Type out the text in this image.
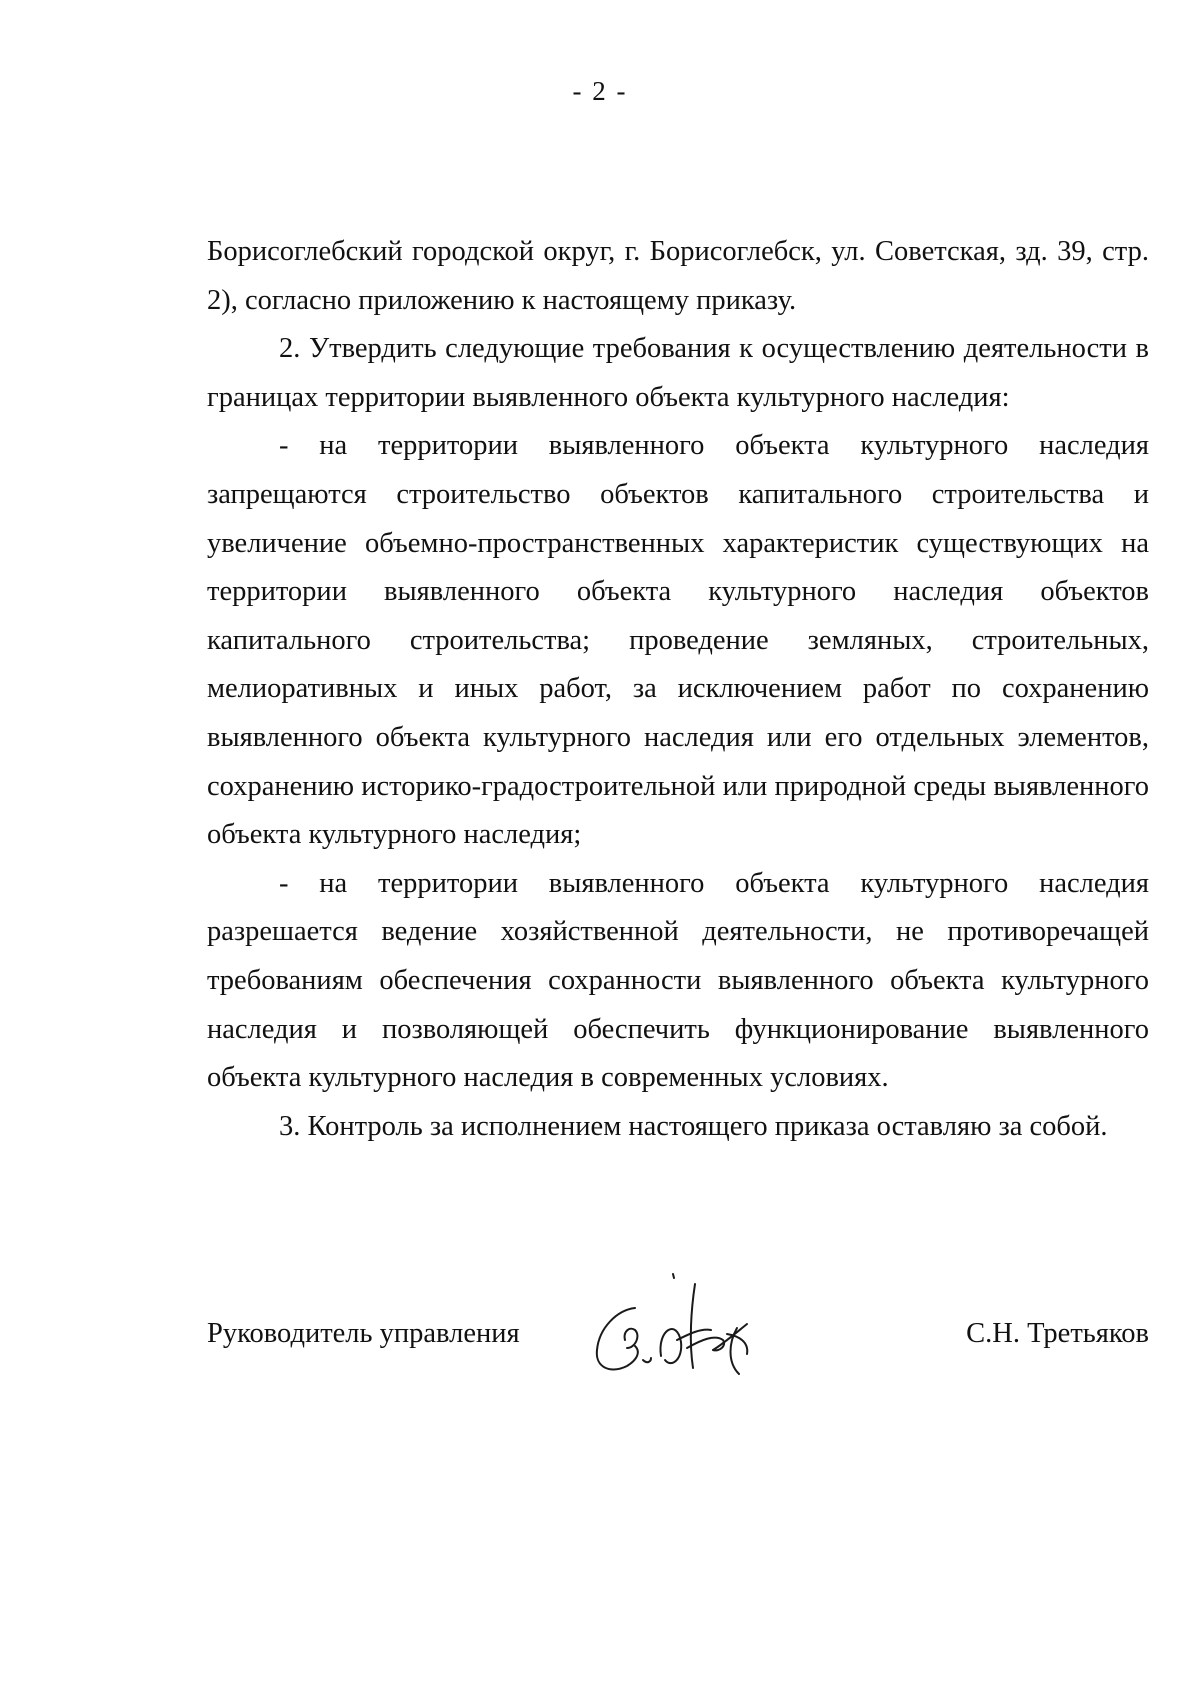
- 2 -

Борисоглебский городской округ, г. Борисоглебск, ул. Советская, зд. 39, стр. 2), согласно приложению к настоящему приказу.

2. Утвердить следующие требования к осуществлению деятельности в границах территории выявленного объекта культурного наследия:

- на территории выявленного объекта культурного наследия запрещаются строительство объектов капитального строительства и увеличение объемно-пространственных характеристик существующих на территории выявленного объекта культурного наследия объектов капитального строительства; проведение земляных, строительных, мелиоративных и иных работ, за исключением работ по сохранению выявленного объекта культурного наследия или его отдельных элементов, сохранению историко-градостроительной или природной среды выявленного объекта культурного наследия;

- на территории выявленного объекта культурного наследия разрешается ведение хозяйственной деятельности, не противоречащей требованиям обеспечения сохранности выявленного объекта культурного наследия и позволяющей обеспечить функционирование выявленного объекта культурного наследия в современных условиях.

3. Контроль за исполнением настоящего приказа оставляю за собой.

Руководитель управления	С.Н. Третьяков
